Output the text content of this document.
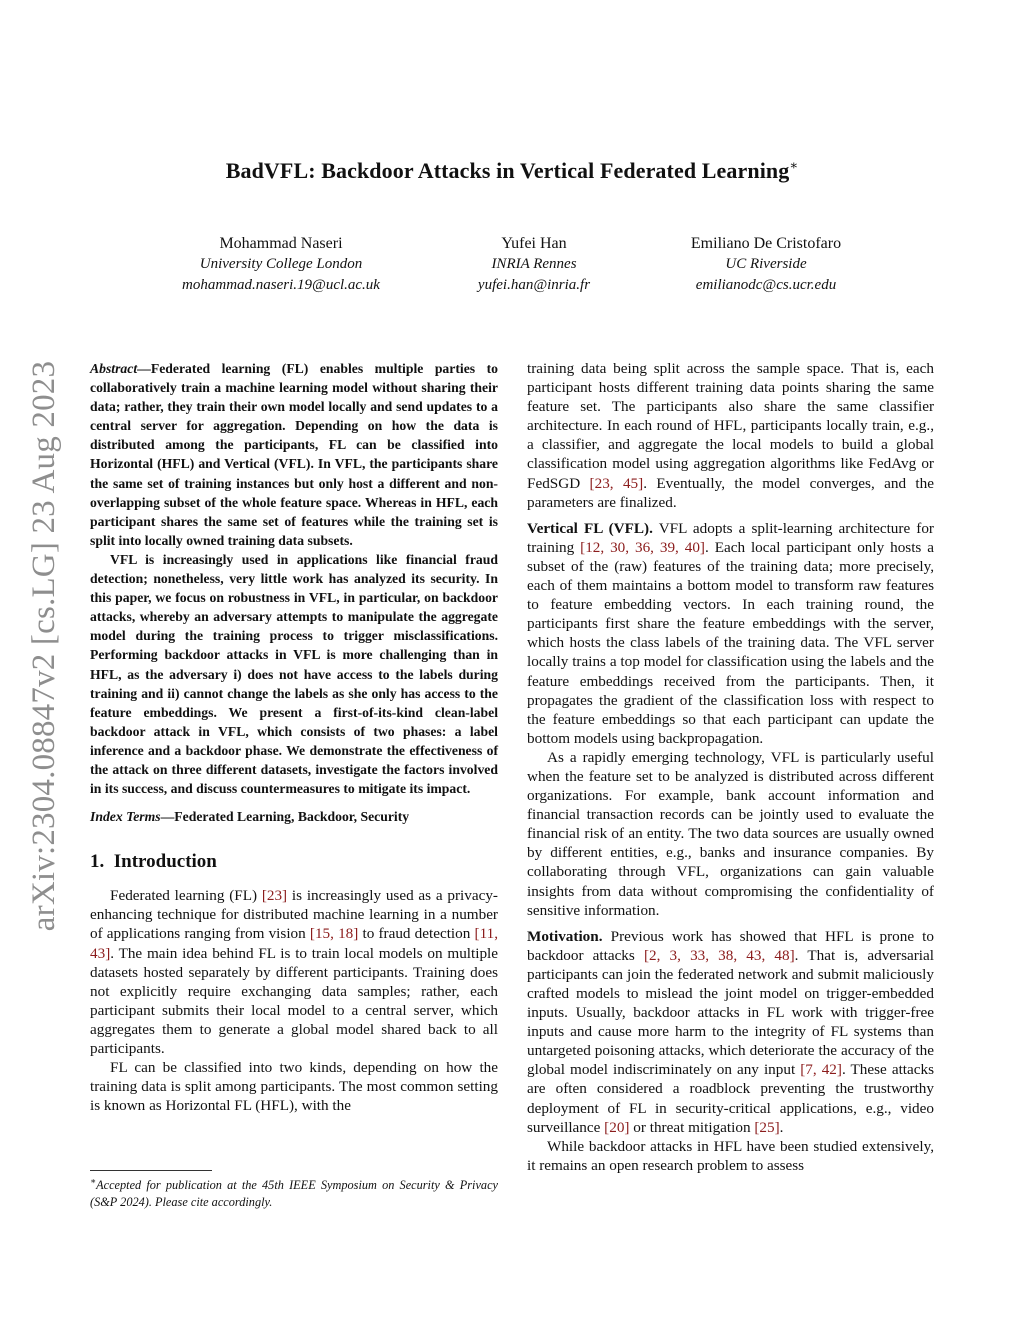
BadVFL: Backdoor Attacks in Vertical Federated Learning∗
Mohammad Naseri
University College London
mohammad.naseri.19@ucl.ac.uk
Yufei Han
INRIA Rennes
yufei.han@inria.fr
Emiliano De Cristofaro
UC Riverside
emilianodc@cs.ucr.edu
arXiv:2304.08847v2 [cs.LG] 23 Aug 2023 Abstract—Federated learning (FL) enables multiple parties to collaboratively train a machine learning model without sharing their data; rather, they train their own model locally and send updates to a central server for aggregation. Depending on how the data is distributed among the participants, FL can be classified into Horizontal (HFL) and Vertical (VFL). In VFL, the participants share the same set of training instances but only host a different and non-overlapping subset of the whole feature space. Whereas in HFL, each participant shares the same set of features while the training set is split into locally owned training data subsets.

VFL is increasingly used in applications like financial fraud detection; nonetheless, very little work has analyzed its security. In this paper, we focus on robustness in VFL, in particular, on backdoor attacks, whereby an adversary attempts to manipulate the aggregate model during the training process to trigger misclassifications. Performing backdoor attacks in VFL is more challenging than in HFL, as the adversary i) does not have access to the labels during training and ii) cannot change the labels as she only has access to the feature embeddings. We present a first-of-its-kind clean-label backdoor attack in VFL, which consists of two phases: a label inference and a backdoor phase. We demonstrate the effectiveness of the attack on three different datasets, investigate the factors involved in its success, and discuss countermeasures to mitigate its impact.

Index Terms—Federated Learning, Backdoor, Security
1. Introduction

Federated learning (FL) [23] is increasingly used as a privacy-enhancing technique for distributed machine learning in a number of applications ranging from vision [15, 18] to fraud detection [11, 43]. The main idea behind FL is to train local models on multiple datasets hosted separately by different participants. Training does not explicitly require exchanging data samples; rather, each participant submits their local model to a central server, which aggregates them to generate a global model shared back to all participants.

FL can be classified into two kinds, depending on how the training data is split among participants. The most common setting is known as Horizontal FL (HFL), with the

∗Accepted for publication at the 45th IEEE Symposium on Security & Privacy (S&P 2024). Please cite accordingly.

training data being split across the sample space. That is, each participant hosts different training data points sharing the same feature set. The participants also share the same classifier architecture. In each round of HFL, participants locally train, e.g., a classifier, and aggregate the local models to build a global classification model using aggregation algorithms like FedAvg or FedSGD [23, 45]. Eventually, the model converges, and the parameters are finalized.

Vertical FL (VFL). VFL adopts a split-learning architecture for training [12, 30, 36, 39, 40]. Each local participant only hosts a subset of the (raw) features of the training data; more precisely, each of them maintains a bottom model to transform raw features to feature embedding vectors. In each training round, the participants first share the feature embeddings with the server, which hosts the class labels of the training data. The VFL server locally trains a top model for classification using the labels and the feature embeddings received from the participants. Then, it propagates the gradient of the classification loss with respect to the feature embeddings so that each participant can update the bottom models using backpropagation.

As a rapidly emerging technology, VFL is particularly useful when the feature set to be analyzed is distributed across different organizations. For example, bank account information and financial transaction records can be jointly used to evaluate the financial risk of an entity. The two data sources are usually owned by different entities, e.g., banks and insurance companies. By collaborating through VFL, organizations can gain valuable insights from data without compromising the confidentiality of sensitive information.

Motivation. Previous work has showed that HFL is prone to backdoor attacks [2, 3, 33, 38, 43, 48]. That is, adversarial participants can join the federated network and submit maliciously crafted models to mislead the joint model on trigger-embedded inputs. Usually, backdoor attacks in FL work with trigger-free inputs and cause more harm to the integrity of FL systems than untargeted poisoning attacks, which deteriorate the accuracy of the global model indiscriminately on any input [7, 42]. These attacks are often considered a roadblock preventing the trustworthy deployment of FL in security-critical applications, e.g., video surveillance [20] or threat mitigation [25].

While backdoor attacks in HFL have been studied extensively, it remains an open research problem to assess
